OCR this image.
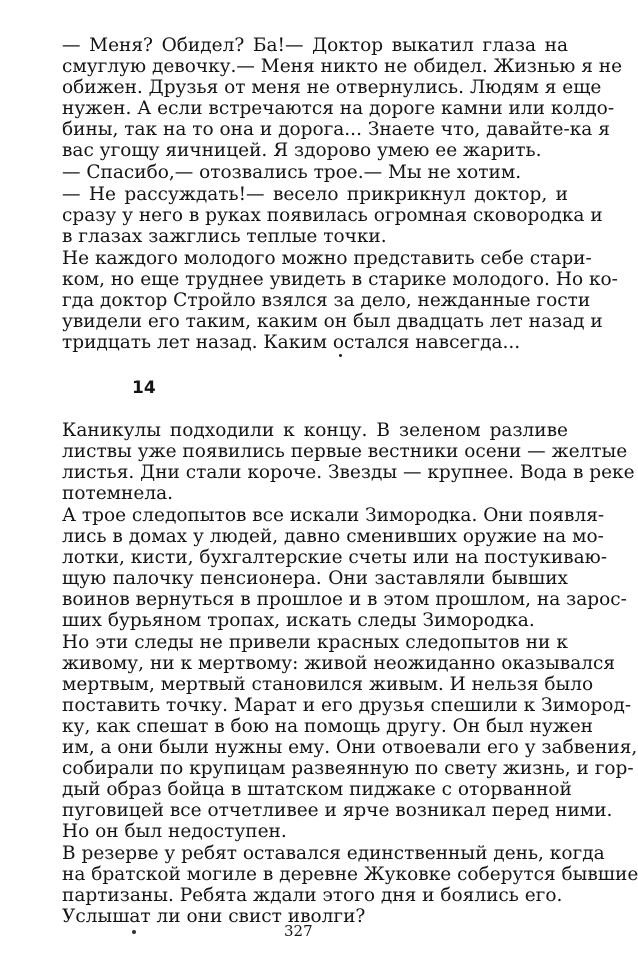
— Меня? Обидел? Ба!— Доктор выкатил глаза на
смуглую девочку.— Меня никто не обидел. Жизнью я не
обижен. Друзья от меня не отвернулись. Людям я еще
нужен. А если встречаются на дороге камни или колдо-
бины, так на то она и дорога... Знаете что, давайте-ка я
вас угощу яичницей. Я здорово умею ее жарить.
— Спасибо,— отозвались трое.— Мы не хотим.
— Не рассуждать!— весело прикрикнул доктор, и
сразу у него в руках появилась огромная сковородка и
в глазах зажглись теплые точки.
Не каждого молодого можно представить себе стари-
ком, но еще труднее увидеть в старике молодого. Но ко-
гда доктор Стройло взялся за дело, нежданные гости
увидели его таким, каким он был двадцать лет назад и
тридцать лет назад. Каким остался навсегда...
14
Каникулы подходили к концу. В зеленом разливе
листвы уже появились первые вестники осени — желтые
листья. Дни стали короче. Звезды — крупнее. Вода в реке
потемнела.
А трое следопытов все искали Зимородка. Они появля-
лись в домах у людей, давно сменивших оружие на мо-
лотки, кисти, бухгалтерские счеты или на постукиваю-
щую палочку пенсионера. Они заставляли бывших
воинов вернуться в прошлое и в этом прошлом, на зарос-
ших бурьяном тропах, искать следы Зимородка.
Но эти следы не привели красных следопытов ни к
живому, ни к мертвому: живой неожиданно оказывался
мертвым, мертвый становился живым. И нельзя было
поставить точку. Марат и его друзья спешили к Зимород-
ку, как спешат в бою на помощь другу. Он был нужен
им, а они были нужны ему. Они отвоевали его у забвения,
собирали по крупицам развеянную по свету жизнь, и гор-
дый образ бойца в штатском пиджаке с оторванной
пуговицей все отчетливее и ярче возникал перед ними.
Но он был недоступен.
В резерве у ребят оставался единственный день, когда
на братской могиле в деревне Жуковке соберутся бывшие
партизаны. Ребята ждали этого дня и боялись его.
Услышат ли они свист иволги?
327
